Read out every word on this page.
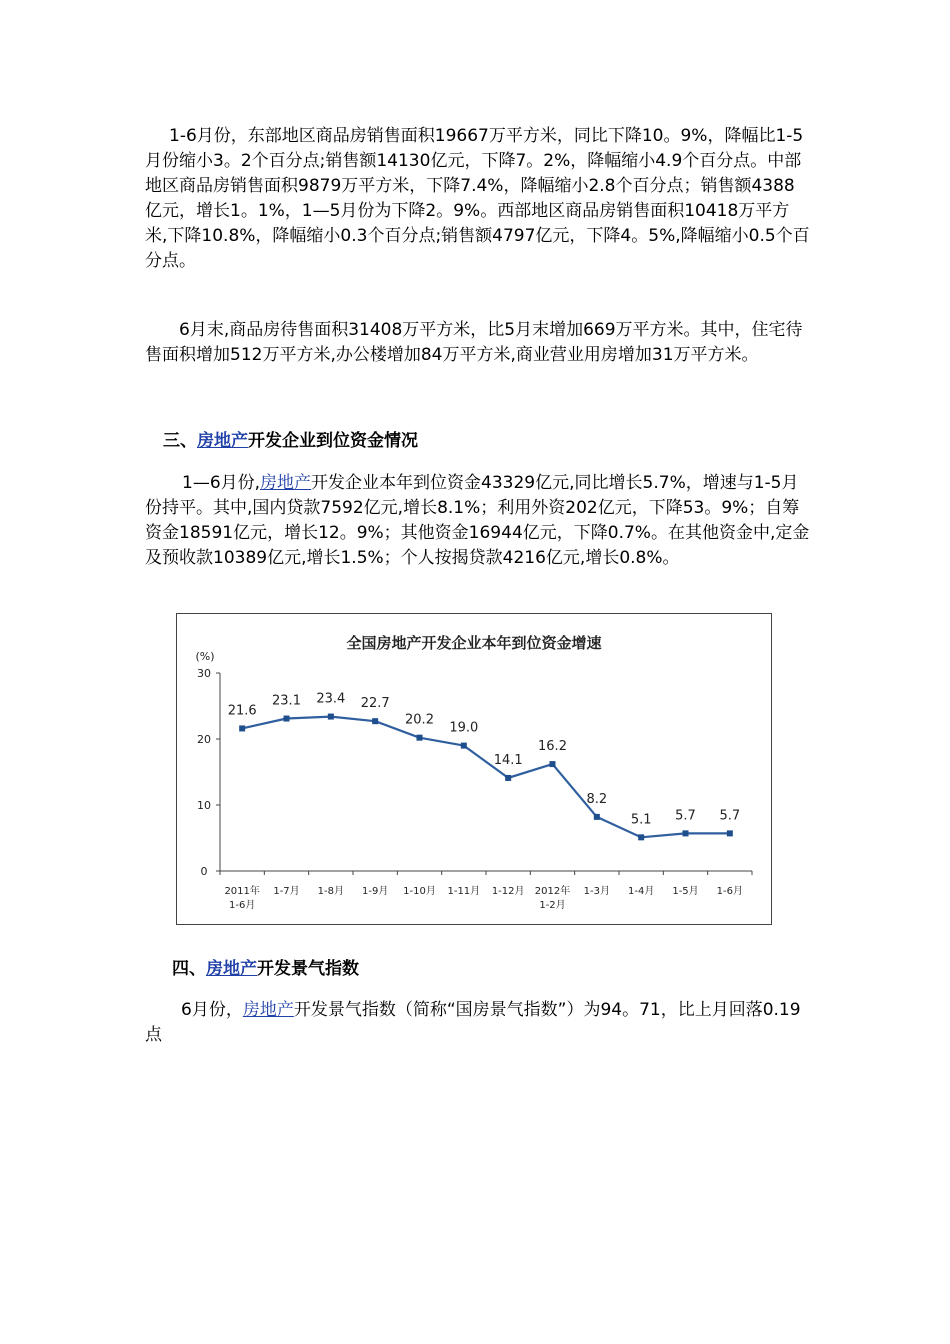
1-6月份，东部地区商品房销售面积19667万平方米，同比下降10。9%，降幅比1-5月份缩小3。2个百分点;销售额14130亿元，下降7。2%，降幅缩小4.9个百分点。中部地区商品房销售面积9879万平方米，下降7.4%，降幅缩小2.8个百分点；销售额4388亿元，增长1。1%，1—5月份为下降2。9%。西部地区商品房销售面积10418万平方米,下降10.8%，降幅缩小0.3个百分点;销售额4797亿元，下降4。5%,降幅缩小0.5个百分点。

6月末,商品房待售面积31408万平方米，比5月末增加669万平方米。其中，住宅待售面积增加512万平方米,办公楼增加84万平方米,商业营业用房增加31万平方米。

三、房地产开发企业到位资金情况

1—6月份,房地产开发企业本年到位资金43329亿元,同比增长5.7%，增速与1-5月份持平。其中,国内贷款7592亿元,增长8.1%；利用外资202亿元，下降53。9%；自筹资金18591亿元，增长12。9%；其他资金16944亿元，下降0.7%。在其他资金中,定金及预收款10389亿元,增长1.5%；个人按揭贷款4216亿元,增长0.8%。

全国房地产开发企业本年到位资金增速
(%)
0
10
20
30
2011年
1-6月
1-7月 1-8月 1-9月 1-10月 1-11月 1-12月 2012年
1-2月
1-3月 1-4月 1-5月 1-6月
21.6
23.1 23.4 22.7
20.2
19.0
14.1
16.2
8.2
5.1 5.7 5.7

四、房地产开发景气指数

6月份，房地产开发景气指数（简称“国房景气指数”）为94。71，比上月回落0.19点
